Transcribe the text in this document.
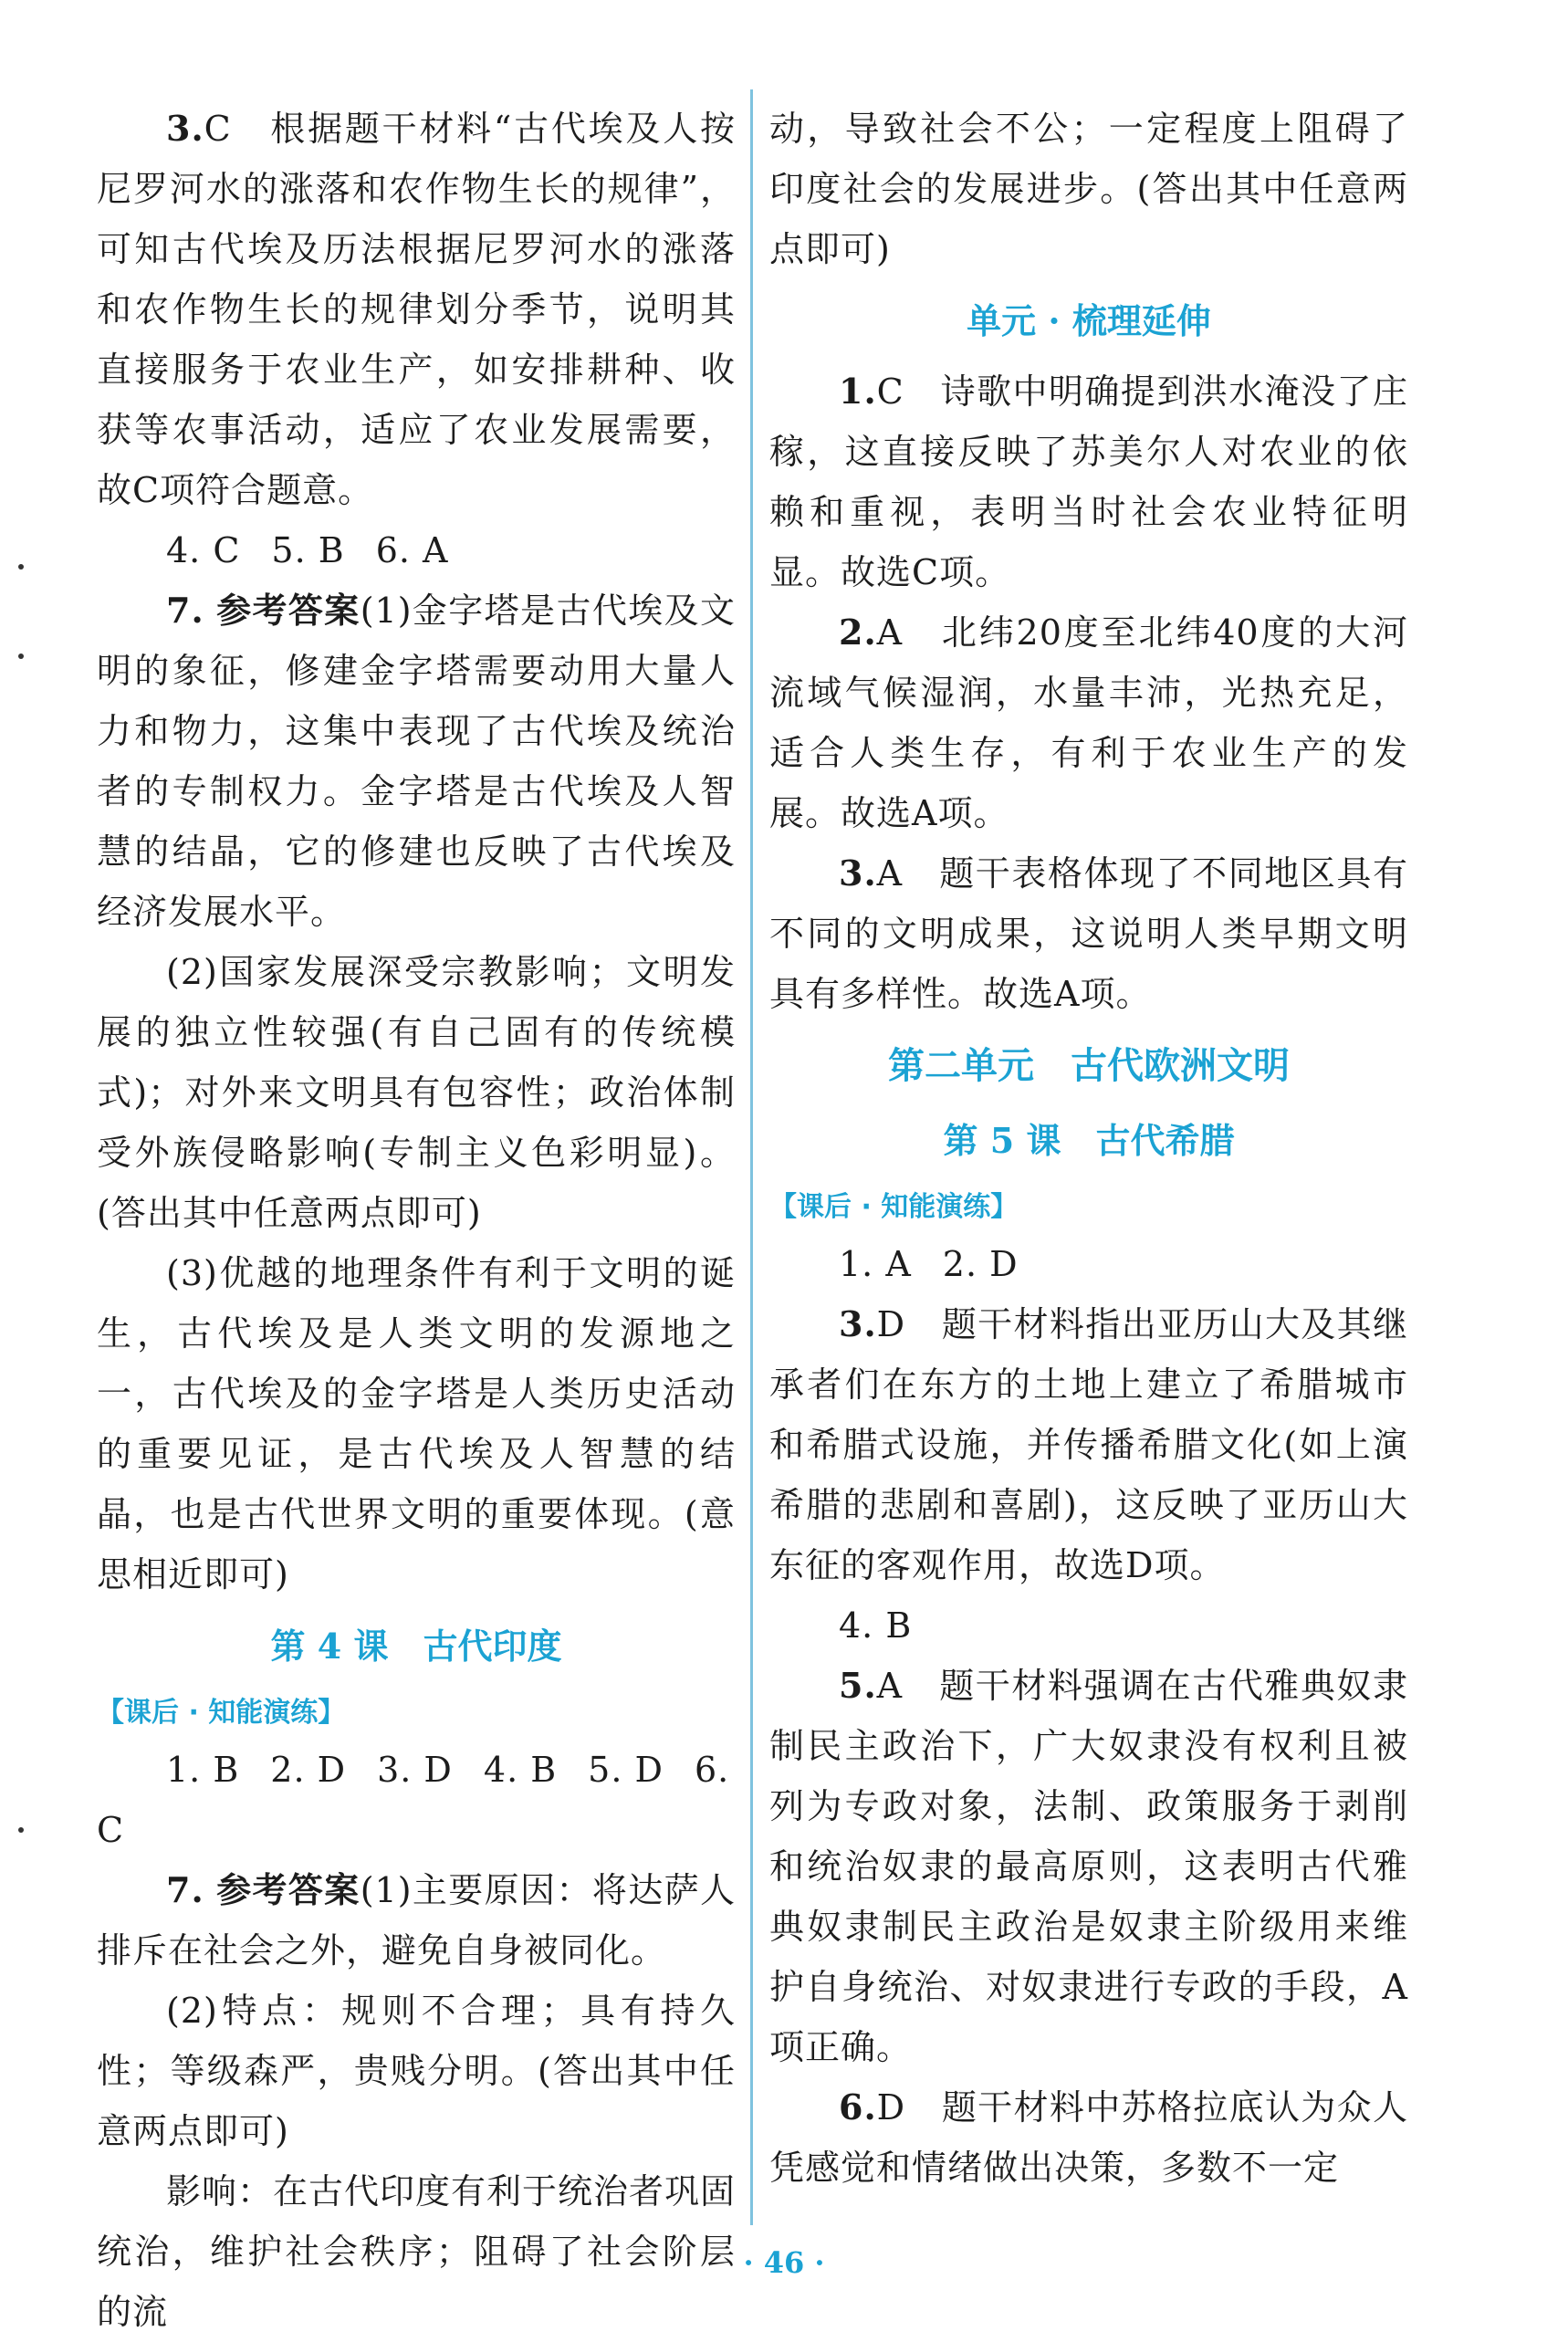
3.C　根据题干材料“古代埃及人按尼罗河水的涨落和农作物生长的规律”，可知古代埃及历法根据尼罗河水的涨落和农作物生长的规律划分季节，说明其直接服务于农业生产，如安排耕种、收获等农事活动，适应了农业发展需要，故C项符合题意。

4. C 5. B 6. A

7. 参考答案(1)金字塔是古代埃及文明的象征，修建金字塔需要动用大量人力和物力，这集中表现了古代埃及统治者的专制权力。金字塔是古代埃及人智慧的结晶，它的修建也反映了古代埃及经济发展水平。

(2)国家发展深受宗教影响；文明发展的独立性较强(有自己固有的传统模式)；对外来文明具有包容性；政治体制受外族侵略影响(专制主义色彩明显)。(答出其中任意两点即可)

(3)优越的地理条件有利于文明的诞生，古代埃及是人类文明的发源地之一，古代埃及的金字塔是人类历史活动的重要见证，是古代埃及人智慧的结晶，也是古代世界文明的重要体现。(意思相近即可)

第 4 课　古代印度
【课后 · 知能演练】

1. B 2. D 3. D 4. B 5. D 6. C

7. 参考答案(1)主要原因：将达萨人排斥在社会之外，避免自身被同化。

(2)特点：规则不合理；具有持久性；等级森严，贵贱分明。(答出其中任意两点即可)

影响：在古代印度有利于统治者巩固统治，维护社会秩序；阻碍了社会阶层的流

动，导致社会不公；一定程度上阻碍了印度社会的发展进步。(答出其中任意两点即可)

单元 · 梳理延伸

1.C　诗歌中明确提到洪水淹没了庄稼，这直接反映了苏美尔人对农业的依赖和重视，表明当时社会农业特征明显。故选C项。

2.A　北纬20度至北纬40度的大河流域气候湿润，水量丰沛，光热充足，适合人类生存，有利于农业生产的发展。故选A项。

3.A　题干表格体现了不同地区具有不同的文明成果，这说明人类早期文明具有多样性。故选A项。

第二单元　古代欧洲文明
第 5 课　古代希腊
【课后 · 知能演练】

1. A 2. D

3.D　题干材料指出亚历山大及其继承者们在东方的土地上建立了希腊城市和希腊式设施，并传播希腊文化(如上演希腊的悲剧和喜剧)，这反映了亚历山大东征的客观作用，故选D项。

4. B

5.A　题干材料强调在古代雅典奴隶制民主政治下，广大奴隶没有权利且被列为专政对象，法制、政策服务于剥削和统治奴隶的最高原则，这表明古代雅典奴隶制民主政治是奴隶主阶级用来维护自身统治、对奴隶进行专政的手段，A项正确。

6.D　题干材料中苏格拉底认为众人凭感觉和情绪做出决策，多数不一定

· 46 ·
